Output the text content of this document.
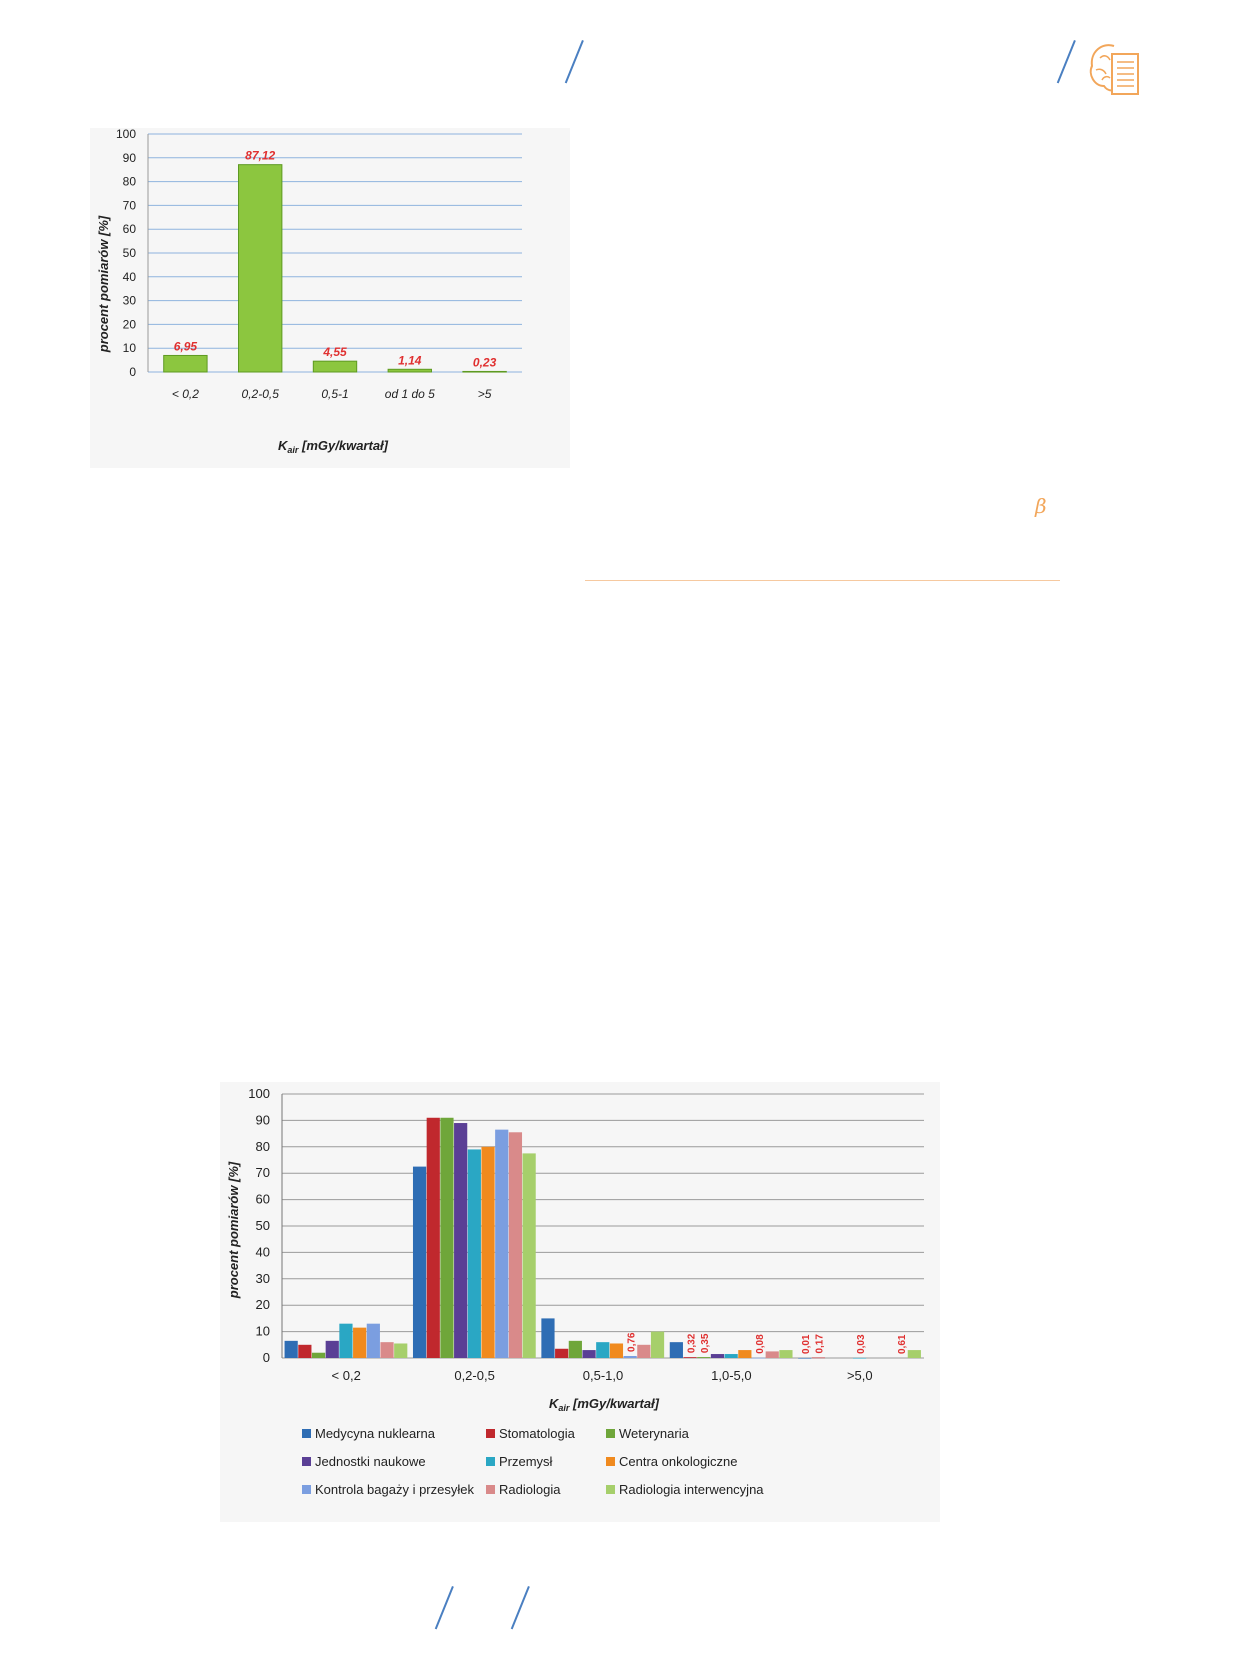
β
0
10
20
30
40
50
60
70
80
90
100
6,95
87,12
4,55
1,14	0,23
< 0,2	0,2-0,5	0,5-1	od 1 do 5	>5
procent pomiarów [%]
$K_{air}$ [mGy/kwartał]
0
10
20
30
40
50
60
70
80
90
100
0,76	0,32 0,35	0,08	0,01 0,17	0,03	0,61
< 0,2	0,2-0,5	0,5-1,0	1,0-5,0	>5,0
Medycyna nuklearna	Stomatologia	Weterynaria
Jednostki naukowe	Przemysł	Centra onkologiczne
Kontrola bagaży i przesyłek Radiologia	Radiologia interwencyjna
procent pomiarów [%]
$K_{air}$ [mGy/kwartał]
